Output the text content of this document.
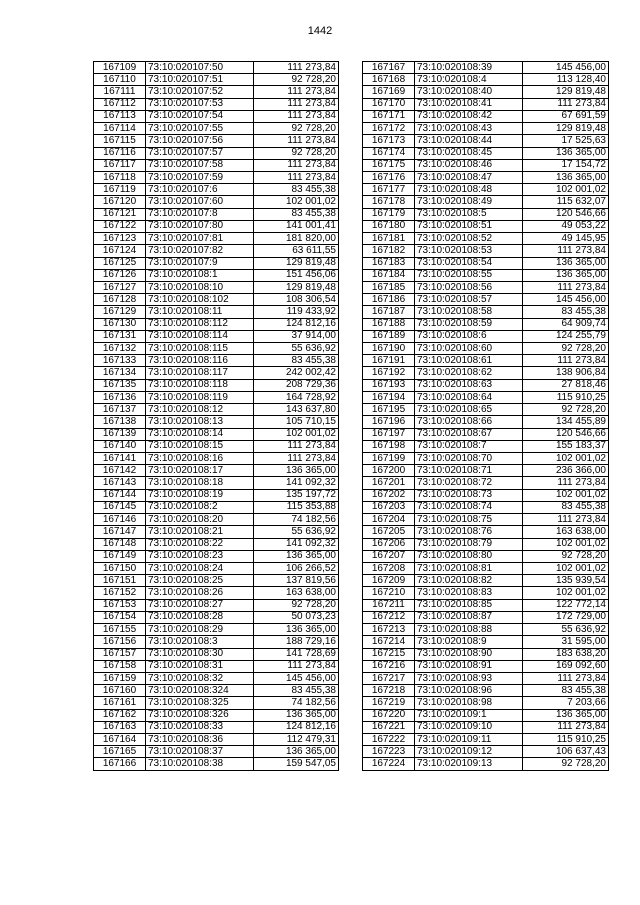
1442
167109	73:10:020107:50	111 273,84
167110	73:10:020107:51	92 728,20
167111	73:10:020107:52	111 273,84
167112	73:10:020107:53	111 273,84
167113	73:10:020107:54	111 273,84
167114	73:10:020107:55	92 728,20
167115	73:10:020107:56	111 273,84
167116	73:10:020107:57	92 728,20
167117	73:10:020107:58	111 273,84
167118	73:10:020107:59	111 273,84
167119	73:10:020107:6	83 455,38
167120	73:10:020107:60	102 001,02
167121	73:10:020107:8	83 455,38
167122	73:10:020107:80	141 001,41
167123	73:10:020107:81	181 820,00
167124	73:10:020107:82	63 611,55
167125	73:10:020107:9	129 819,48
167126	73:10:020108:1	151 456,06
167127	73:10:020108:10	129 819,48
167128	73:10:020108:102	108 306,54
167129	73:10:020108:11	119 433,92
167130	73:10:020108:112	124 812,16
167131	73:10:020108:114	37 914,00
167132	73:10:020108:115	55 636,92
167133	73:10:020108:116	83 455,38
167134	73:10:020108:117	242 002,42
167135	73:10:020108:118	208 729,36
167136	73:10:020108:119	164 728,92
167137	73:10:020108:12	143 637,80
167138	73:10:020108:13	105 710,15
167139	73:10:020108:14	102 001,02
167140	73:10:020108:15	111 273,84
167141	73:10:020108:16	111 273,84
167142	73:10:020108:17	136 365,00
167143	73:10:020108:18	141 092,32
167144	73:10:020108:19	135 197,72
167145	73:10:020108:2	115 353,88
167146	73:10:020108:20	74 182,56
167147	73:10:020108:21	55 636,92
167148	73:10:020108:22	141 092,32
167149	73:10:020108:23	136 365,00
167150	73:10:020108:24	106 266,52
167151	73:10:020108:25	137 819,56
167152	73:10:020108:26	163 638,00
167153	73:10:020108:27	92 728,20
167154	73:10:020108:28	50 073,23
167155	73:10:020108:29	136 365,00
167156	73:10:020108:3	188 729,16
167157	73:10:020108:30	141 728,69
167158	73:10:020108:31	111 273,84
167159	73:10:020108:32	145 456,00
167160	73:10:020108:324	83 455,38
167161	73:10:020108:325	74 182,56
167162	73:10:020108:326	136 365,00
167163	73:10:020108:33	124 812,16
167164	73:10:020108:36	112 479,31
167165	73:10:020108:37	136 365,00
167166	73:10:020108:38	159 547,05
167167	73:10:020108:39	145 456,00
167168	73:10:020108:4	113 128,40
167169	73:10:020108:40	129 819,48
167170	73:10:020108:41	111 273,84
167171	73:10:020108:42	67 691,59
167172	73:10:020108:43	129 819,48
167173	73:10:020108:44	17 525,63
167174	73:10:020108:45	136 365,00
167175	73:10:020108:46	17 154,72
167176	73:10:020108:47	136 365,00
167177	73:10:020108:48	102 001,02
167178	73:10:020108:49	115 632,07
167179	73:10:020108:5	120 546,66
167180	73:10:020108:51	49 053,22
167181	73:10:020108:52	49 145,95
167182	73:10:020108:53	111 273,84
167183	73:10:020108:54	136 365,00
167184	73:10:020108:55	136 365,00
167185	73:10:020108:56	111 273,84
167186	73:10:020108:57	145 456,00
167187	73:10:020108:58	83 455,38
167188	73:10:020108:59	64 909,74
167189	73:10:020108:6	124 255,79
167190	73:10:020108:60	92 728,20
167191	73:10:020108:61	111 273,84
167192	73:10:020108:62	138 906,84
167193	73:10:020108:63	27 818,46
167194	73:10:020108:64	115 910,25
167195	73:10:020108:65	92 728,20
167196	73:10:020108:66	134 455,89
167197	73:10:020108:67	120 546,66
167198	73:10:020108:7	155 183,37
167199	73:10:020108:70	102 001,02
167200	73:10:020108:71	236 366,00
167201	73:10:020108:72	111 273,84
167202	73:10:020108:73	102 001,02
167203	73:10:020108:74	83 455,38
167204	73:10:020108:75	111 273,84
167205	73:10:020108:76	163 638,00
167206	73:10:020108:79	102 001,02
167207	73:10:020108:80	92 728,20
167208	73:10:020108:81	102 001,02
167209	73:10:020108:82	135 939,54
167210	73:10:020108:83	102 001,02
167211	73:10:020108:85	122 772,14
167212	73:10:020108:87	172 729,00
167213	73:10:020108:88	55 636,92
167214	73:10:020108:9	31 595,00
167215	73:10:020108:90	183 638,20
167216	73:10:020108:91	169 092,60
167217	73:10:020108:93	111 273,84
167218	73:10:020108:96	83 455,38
167219	73:10:020108:98	7 203,66
167220	73:10:020109:1	136 365,00
167221	73:10:020109:10	111 273,84
167222	73:10:020109:11	115 910,25
167223	73:10:020109:12	106 637,43
167224	73:10:020109:13	92 728,20
